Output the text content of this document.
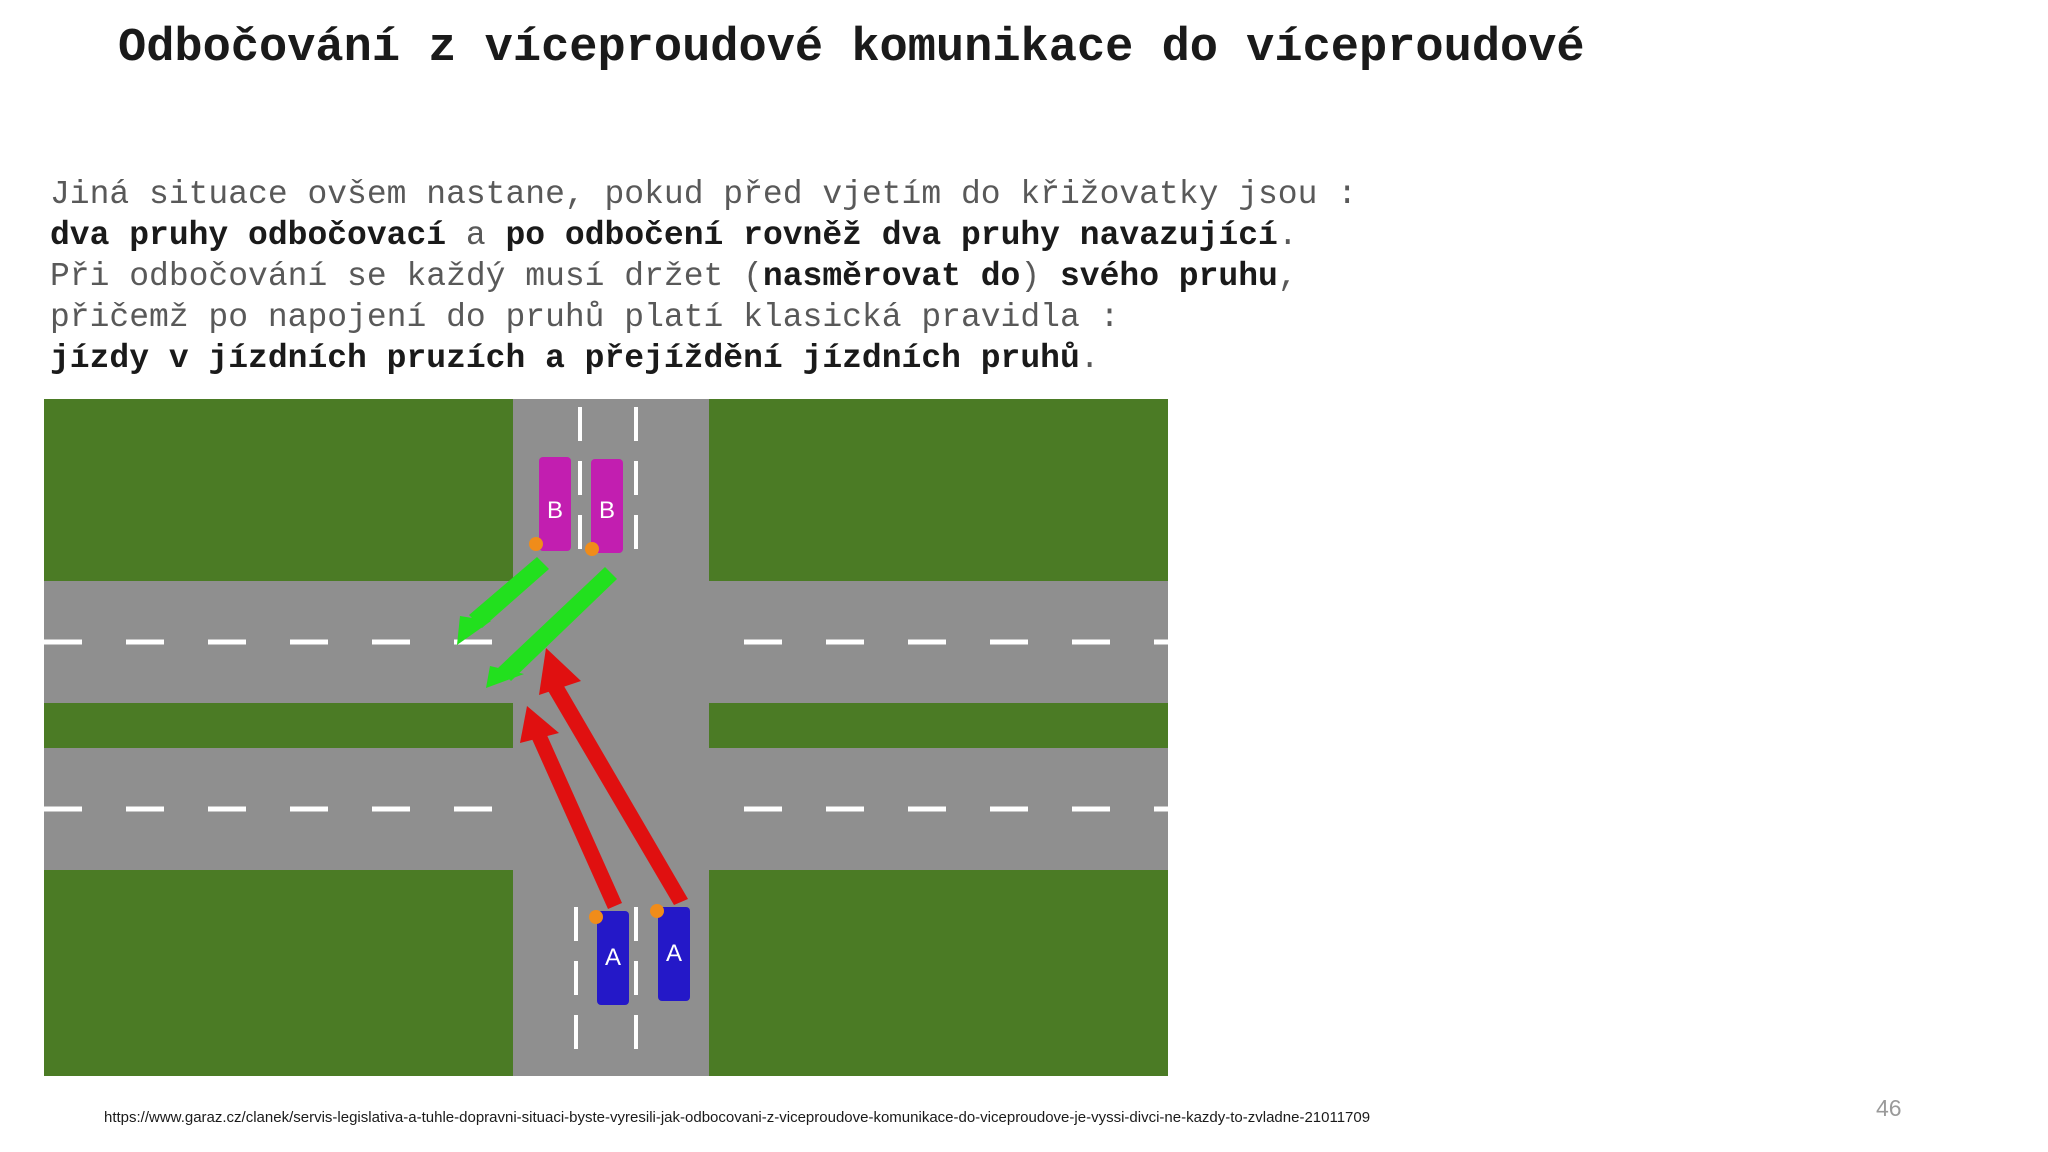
Odbočování z víceproudové komunikace do víceproudové
Jiná situace ovšem nastane, pokud před vjetím do křižovatky jsou :
dva pruhy odbočovací a po odbočení rovněž dva pruhy navazující.
Při odbočování se každý musí držet (nasměrovat do) svého pruhu,
přičemž po napojení do pruhů platí klasická pravidla :
jízdy v jízdních pruzích a přejíždění jízdních pruhů.
B B
A A
https://www.garaz.cz/clanek/servis-legislativa-a-tuhle-dopravni-situaci-byste-vyresili-jak-odbocovani-z-viceproudove-komunikace-do-viceproudove-je-vyssi-divci-ne-kazdy-to-zvladne-21011709	46
